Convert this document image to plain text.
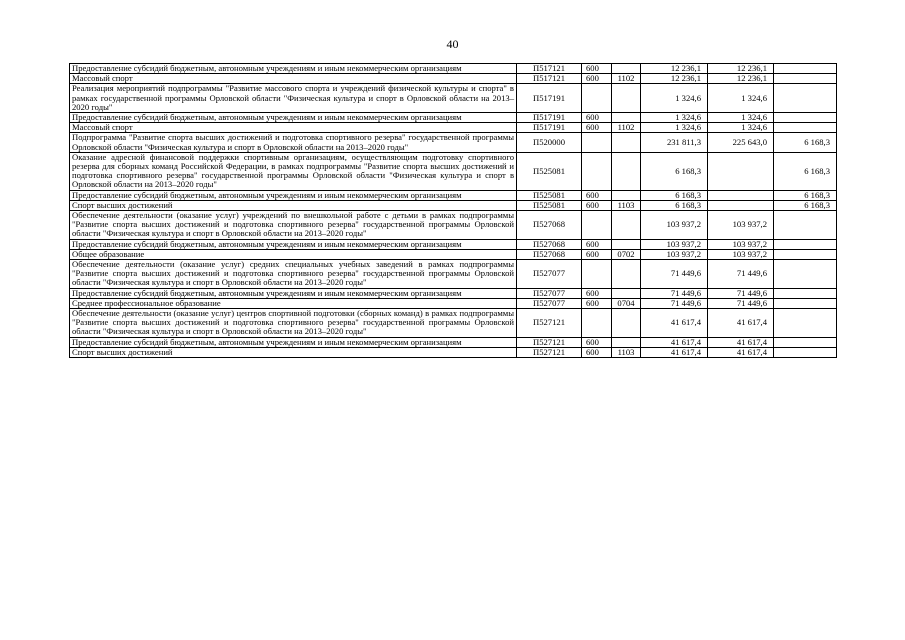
40
Предоставление субсидий бюджетным, автономным учреждениям и иным некоммерческим организациям	П517121	600		12 236,1	12 236,1	
Массовый спорт	П517121	600	1102	12 236,1	12 236,1	
Реализация мероприятий подпрограммы "Развитие массового спорта и учреждений физической культуры и спорта" в рамках государственной программы Орловской области "Физическая культура и спорт в Орловской области на 2013–2020 годы"	П517191			1 324,6	1 324,6	
Предоставление субсидий бюджетным, автономным учреждениям и иным некоммерческим организациям	П517191	600		1 324,6	1 324,6	
Массовый спорт	П517191	600	1102	1 324,6	1 324,6	
Подпрограмма "Развитие спорта высших достижений и подготовка спортивного резерва" государственной программы Орловской области "Физическая культура и спорт в Орловской области на 2013–2020 годы"	П520000			231 811,3	225 643,0	6 168,3
Оказание адресной финансовой поддержки спортивным организациям, осуществляющим подготовку спортивного резерва для сборных команд Российской Федерации, в рамках подпрограммы "Развитие спорта высших достижений и подготовка спортивного резерва" государственной программы Орловской области "Физическая культура и спорт в Орловской области на 2013–2020 годы"	П525081			6 168,3		6 168,3
Предоставление субсидий бюджетным, автономным учреждениям и иным некоммерческим организациям	П525081	600		6 168,3		6 168,3
Спорт высших достижений	П525081	600	1103	6 168,3		6 168,3
Обеспечение деятельности (оказание услуг) учреждений по внешкольной работе с детьми в рамках подпрограммы "Развитие спорта высших достижений и подготовка спортивного резерва" государственной программы Орловской области "Физическая культура и спорт в Орловской области на 2013–2020 годы"	П527068			103 937,2	103 937,2	
Предоставление субсидий бюджетным, автономным учреждениям и иным некоммерческим организациям	П527068	600		103 937,2	103 937,2	
Общее образование	П527068	600	0702	103 937,2	103 937,2	
Обеспечение деятельности (оказание услуг) средних специальных учебных заведений в рамках подпрограммы "Развитие спорта высших достижений и подготовка спортивного резерва" государственной программы Орловской области "Физическая культура и спорт в Орловской области на 2013–2020 годы"	П527077			71 449,6	71 449,6	
Предоставление субсидий бюджетным, автономным учреждениям и иным некоммерческим организациям	П527077	600		71 449,6	71 449,6	
Среднее профессиональное образование	П527077	600	0704	71 449,6	71 449,6	
Обеспечение деятельности (оказание услуг) центров спортивной подготовки (сборных команд) в рамках подпрограммы "Развитие спорта высших достижений и подготовка спортивного резерва" государственной программы Орловской области "Физическая культура и спорт в Орловской области на 2013–2020 годы"	П527121			41 617,4	41 617,4	
Предоставление субсидий бюджетным, автономным учреждениям и иным некоммерческим организациям	П527121	600		41 617,4	41 617,4	
Спорт высших достижений	П527121	600	1103	41 617,4	41 617,4	
